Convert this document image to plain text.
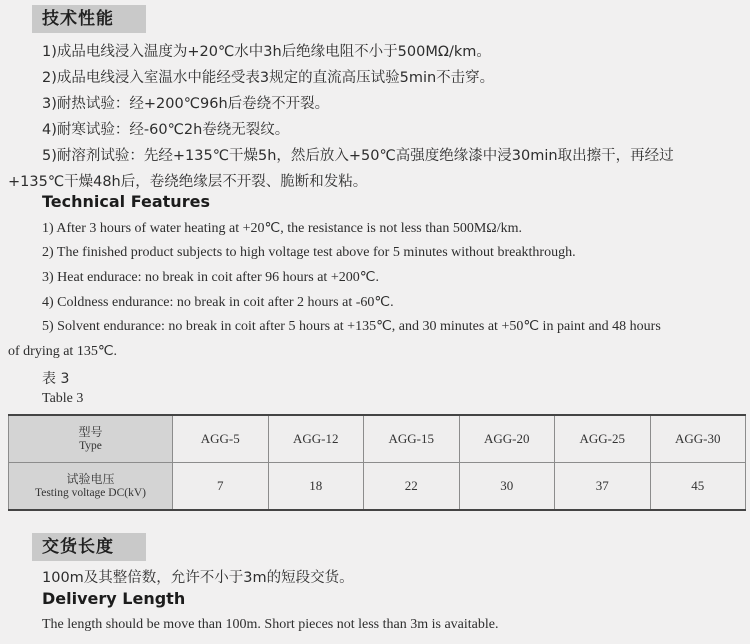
技术性能
1)成品电线浸入温度为+20℃水中3h后绝缘电阻不小于500MΩ/km。
2)成品电线浸入室温水中能经受表3规定的直流高压试验5min不击穿。
3)耐热试验：经+200℃96h后卷绕不开裂。
4)耐寒试验：经-60℃2h卷绕无裂纹。
5)耐溶剂试验：先经+135℃干燥5h，然后放入+50℃高强度绝缘漆中浸30min取出擦干，再经过
+135℃干燥48h后，卷绕绝缘层不开裂、脆断和发粘。
Technical Features
1) After 3 hours of water heating at +20℃, the resistance is not less than 500MΩ/km.
2) The finished product subjects to high voltage test above for 5 minutes without breakthrough.
3) Heat endurace: no break in coit after 96 hours at +200℃.
4) Coldness endurance: no break in coit after 2 hours at -60℃.
5) Solvent endurance: no break in coit after 5 hours at +135℃, and 30 minutes at +50℃ in paint and 48 hours
of drying at 135℃.
表 3
Table 3
型号
Type	AGG-5	AGG-12	AGG-15	AGG-20	AGG-25	AGG-30

试验电压
Testing voltage DC(kV)	7	18	22	30	37	45
交货长度
100m及其整倍数，允许不小于3m的短段交货。
Delivery Length
The length should be move than 100m. Short pieces not less than 3m is avaitable.
